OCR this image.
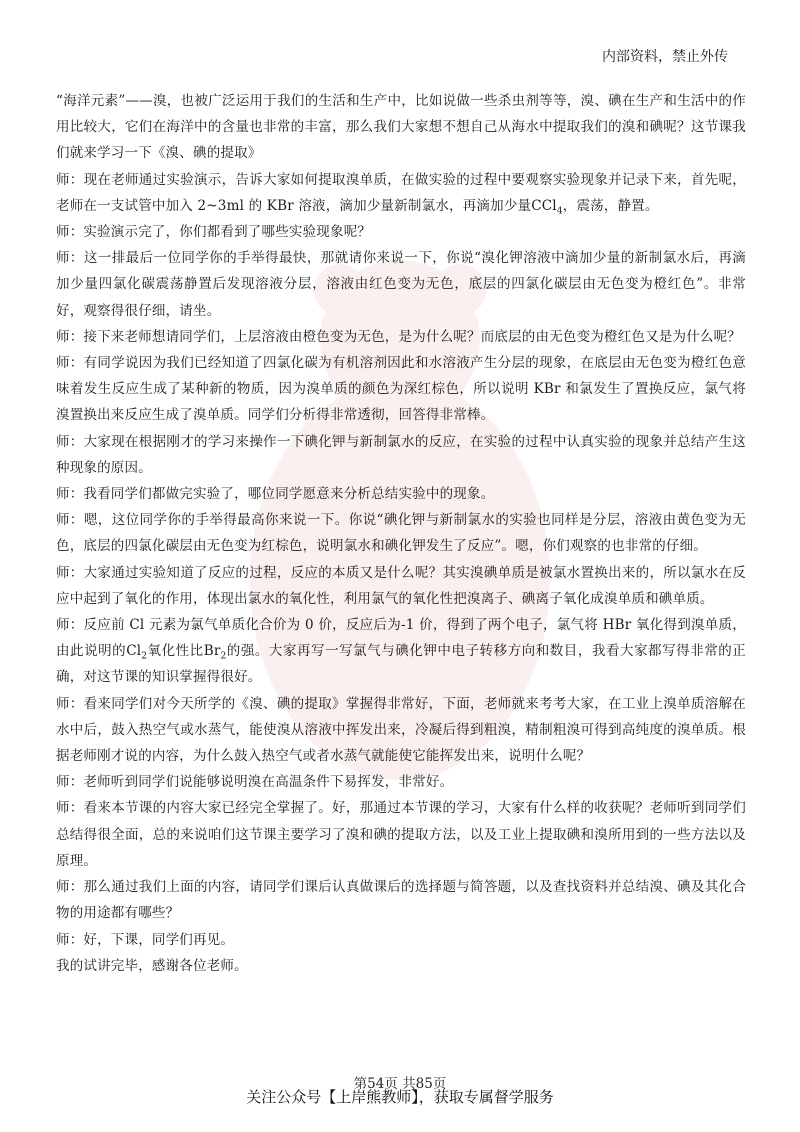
内部资料，禁止外传

“海洋元素”——溴，也被广泛运用于我们的生活和生产中，比如说做一些杀虫剂等等，溴、碘在生产和生活中的作用比较大，它们在海洋中的含量也非常的丰富，那么我们大家想不想自己从海水中提取我们的溴和碘呢？这节课我们就来学习一下《溴、碘的提取》

师：现在老师通过实验演示，告诉大家如何提取溴单质，在做实验的过程中要观察实验现象并记录下来，首先呢，老师在一支试管中加入 2~3ml 的 KBr 溶液，滴加少量新制氯水，再滴加少量CCl$_4$，震荡，静置。

师：实验演示完了，你们都看到了哪些实验现象呢？

师：这一排最后一位同学你的手举得最快，那就请你来说一下，你说“溴化钾溶液中滴加少量的新制氯水后，再滴加少量四氯化碳震荡静置后发现溶液分层，溶液由红色变为无色，底层的四氯化碳层由无色变为橙红色”。非常好，观察得很仔细，请坐。

师：接下来老师想请同学们，上层溶液由橙色变为无色，是为什么呢？而底层的由无色变为橙红色又是为什么呢？

师：有同学说因为我们已经知道了四氯化碳为有机溶剂因此和水溶液产生分层的现象，在底层由无色变为橙红色意味着发生反应生成了某种新的物质，因为溴单质的颜色为深红棕色，所以说明 KBr 和氯发生了置换反应，氯气将溴置换出来反应生成了溴单质。同学们分析得非常透彻，回答得非常棒。

师：大家现在根据刚才的学习来操作一下碘化钾与新制氯水的反应，在实验的过程中认真实验的现象并总结产生这种现象的原因。

师：我看同学们都做完实验了，哪位同学愿意来分析总结实验中的现象。

师：嗯，这位同学你的手举得最高你来说一下。你说“碘化钾与新制氯水的实验也同样是分层，溶液由黄色变为无色，底层的四氯化碳层由无色变为红棕色，说明氯水和碘化钾发生了反应”。嗯，你们观察的也非常的仔细。

师：大家通过实验知道了反应的过程，反应的本质又是什么呢？其实溴碘单质是被氯水置换出来的，所以氯水在反应中起到了氧化的作用，体现出氯水的氧化性，利用氯气的氧化性把溴离子、碘离子氧化成溴单质和碘单质。

师：反应前 Cl 元素为氯气单质化合价为 0 价，反应后为-1 价，得到了两个电子，氯气将 HBr 氧化得到溴单质，由此说明的$Cl_2$氧化性比$Br_2$的强。大家再写一写氯气与碘化钾中电子转移方向和数目，我看大家都写得非常的正确，对这节课的知识掌握得很好。

师：看来同学们对今天所学的《溴、碘的提取》掌握得非常好，下面，老师就来考考大家，在工业上溴单质溶解在水中后，鼓入热空气或水蒸气，能使溴从溶液中挥发出来，冷凝后得到粗溴，精制粗溴可得到高纯度的溴单质。根据老师刚才说的内容，为什么鼓入热空气或者水蒸气就能使它能挥发出来，说明什么呢？

师：老师听到同学们说能够说明溴在高温条件下易挥发，非常好。

师：看来本节课的内容大家已经完全掌握了。好，那通过本节课的学习，大家有什么样的收获呢？老师听到同学们总结得很全面，总的来说咱们这节课主要学习了溴和碘的提取方法，以及工业上提取碘和溴所用到的一些方法以及原理。

师：那么通过我们上面的内容，请同学们课后认真做课后的选择题与简答题，以及查找资料并总结溴、碘及其化合物的用途都有哪些？

师：好，下课，同学们再见。

我的试讲完毕，感谢各位老师。

第54页 共85页
关注公众号【上岸熊教师】，获取专属督学服务
